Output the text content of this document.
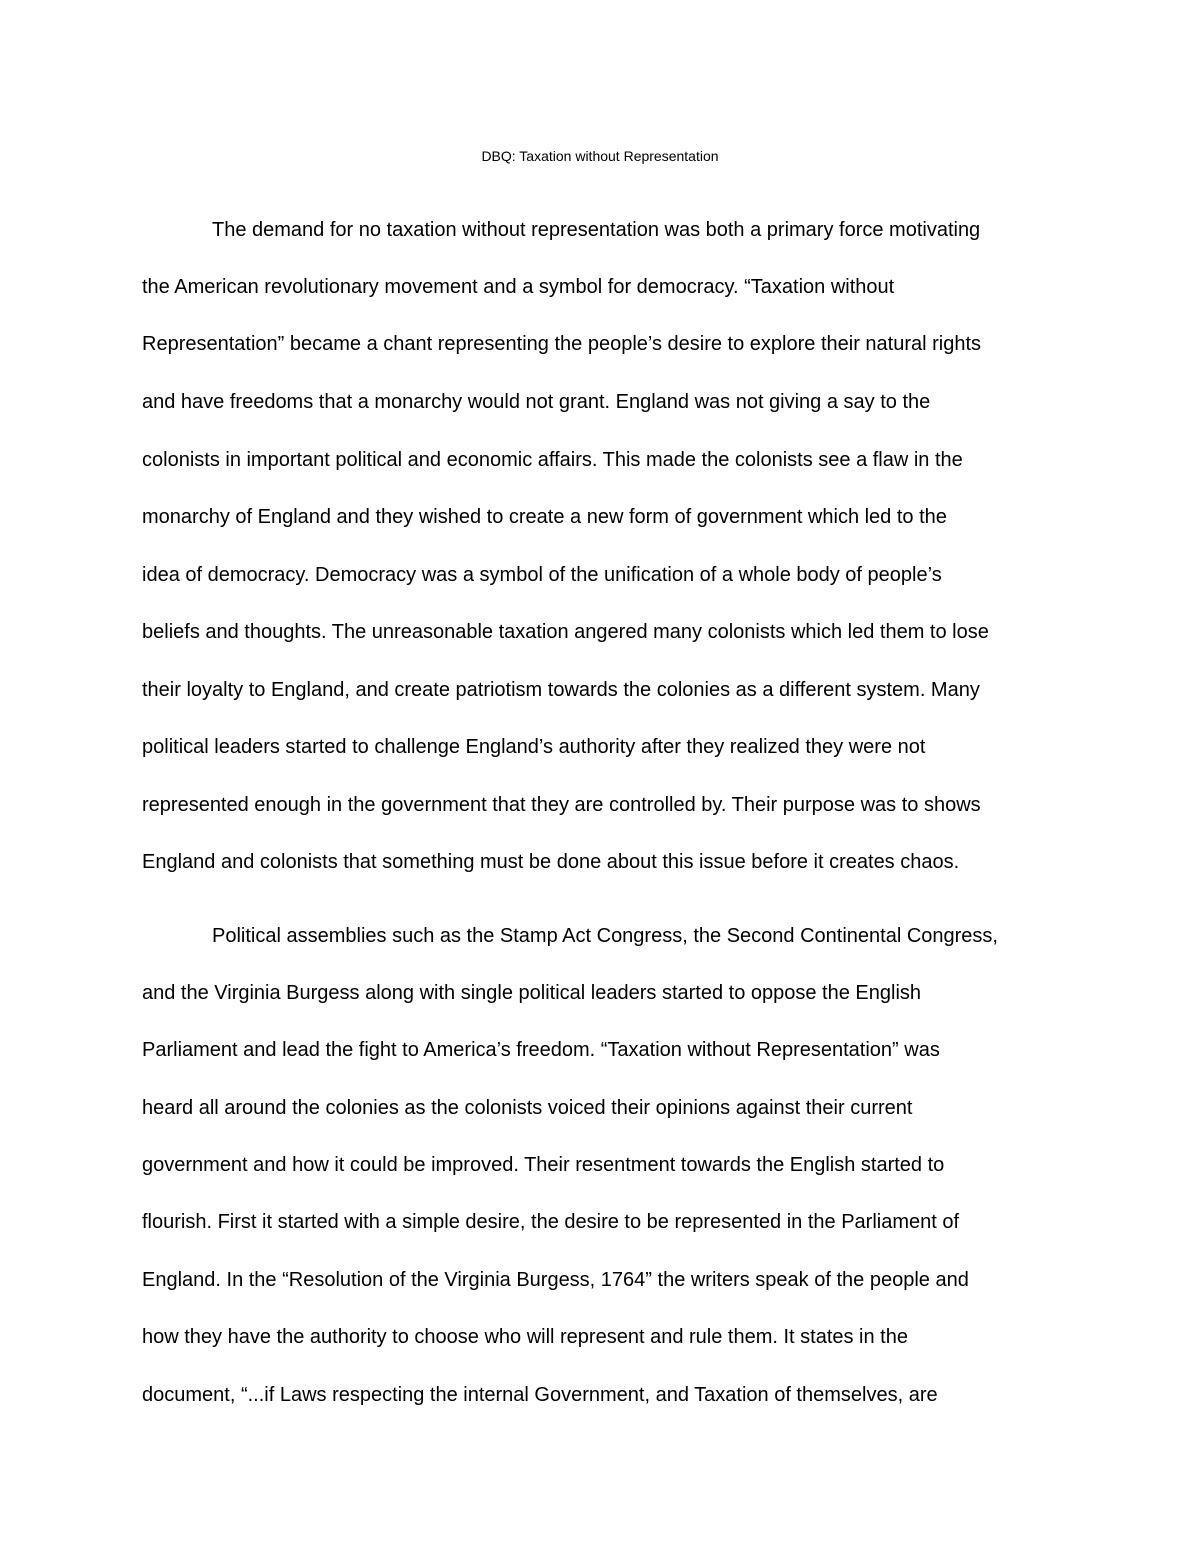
DBQ: Taxation without Representation

The demand for no taxation without representation was both a primary force motivating

the American revolutionary movement and a symbol for democracy. “Taxation without

Representation” became a chant representing the people’s desire to explore their natural rights

and have freedoms that a monarchy would not grant. England was not giving a say to the

colonists in important political and economic affairs. This made the colonists see a flaw in the

monarchy of England and they wished to create a new form of government which led to the

idea of democracy. Democracy was a symbol of the unification of a whole body of people’s

beliefs and thoughts. The unreasonable taxation angered many colonists which led them to lose

their loyalty to England, and create patriotism towards the colonies as a different system. Many

political leaders started to challenge England’s authority after they realized they were not

represented enough in the government that they are controlled by. Their purpose was to shows

England and colonists that something must be done about this issue before it creates chaos.

Political assemblies such as the Stamp Act Congress, the Second Continental Congress,

and the Virginia Burgess along with single political leaders started to oppose the English

Parliament and lead the fight to America’s freedom. “Taxation without Representation” was

heard all around the colonies as the colonists voiced their opinions against their current

government and how it could be improved. Their resentment towards the English started to

flourish. First it started with a simple desire, the desire to be represented in the Parliament of

England. In the “Resolution of the Virginia Burgess, 1764” the writers speak of the people and

how they have the authority to choose who will represent and rule them. It states in the

document, “...if Laws respecting the internal Government, and Taxation of themselves, are
